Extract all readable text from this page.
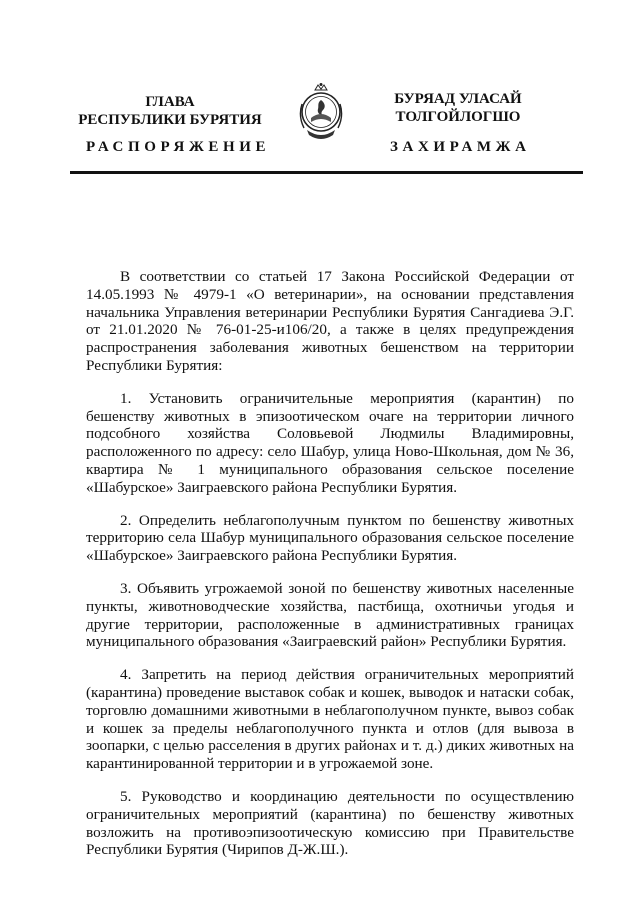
ГЛАВА
РЕСПУБЛИКИ БУРЯТИЯ
БУРЯАД УЛАСАЙ
ТОЛГОЙЛОГШО
РАСПОРЯЖЕНИЕ	ЗАХИРАМЖА

В соответствии со статьей 17 Закона Российской Федерации от 14.05.1993 № 4979-1 «О ветеринарии», на основании представления начальника Управления ветеринарии Республики Бурятия Сангадиева Э.Г. от 21.01.2020 № 76-01-25-и106/20, а также в целях предупреждения распространения заболевания животных бешенством на территории Республики Бурятия:

1. Установить ограничительные мероприятия (карантин) по бешенству животных в эпизоотическом очаге на территории личного подсобного хозяйства Соловьевой Людмилы Владимировны, расположенного по адресу: село Шабур, улица Ново-Школьная, дом № 36, квартира № 1 муниципального образования сельское поселение «Шабурское» Заиграевского района Республики Бурятия.

2. Определить неблагополучным пунктом по бешенству животных территорию села Шабур муниципального образования сельское поселение «Шабурское» Заиграевского района Республики Бурятия.

3. Объявить угрожаемой зоной по бешенству животных населенные пункты, животноводческие хозяйства, пастбища, охотничьи угодья и другие территории, расположенные в административных границах муниципального образования «Заиграевский район» Республики Бурятия.

4. Запретить на период действия ограничительных мероприятий (карантина) проведение выставок собак и кошек, выводок и натаски собак, торговлю домашними животными в неблагополучном пункте, вывоз собак и кошек за пределы неблагополучного пункта и отлов (для вывоза в зоопарки, с целью расселения в других районах и т. д.) диких животных на карантинированной территории и в угрожаемой зоне.

5. Руководство и координацию деятельности по осуществлению ограничительных мероприятий (карантина) по бешенству животных возложить на противоэпизоотическую комиссию при Правительстве Республики Бурятия (Чирипов Д-Ж.Ш.).
